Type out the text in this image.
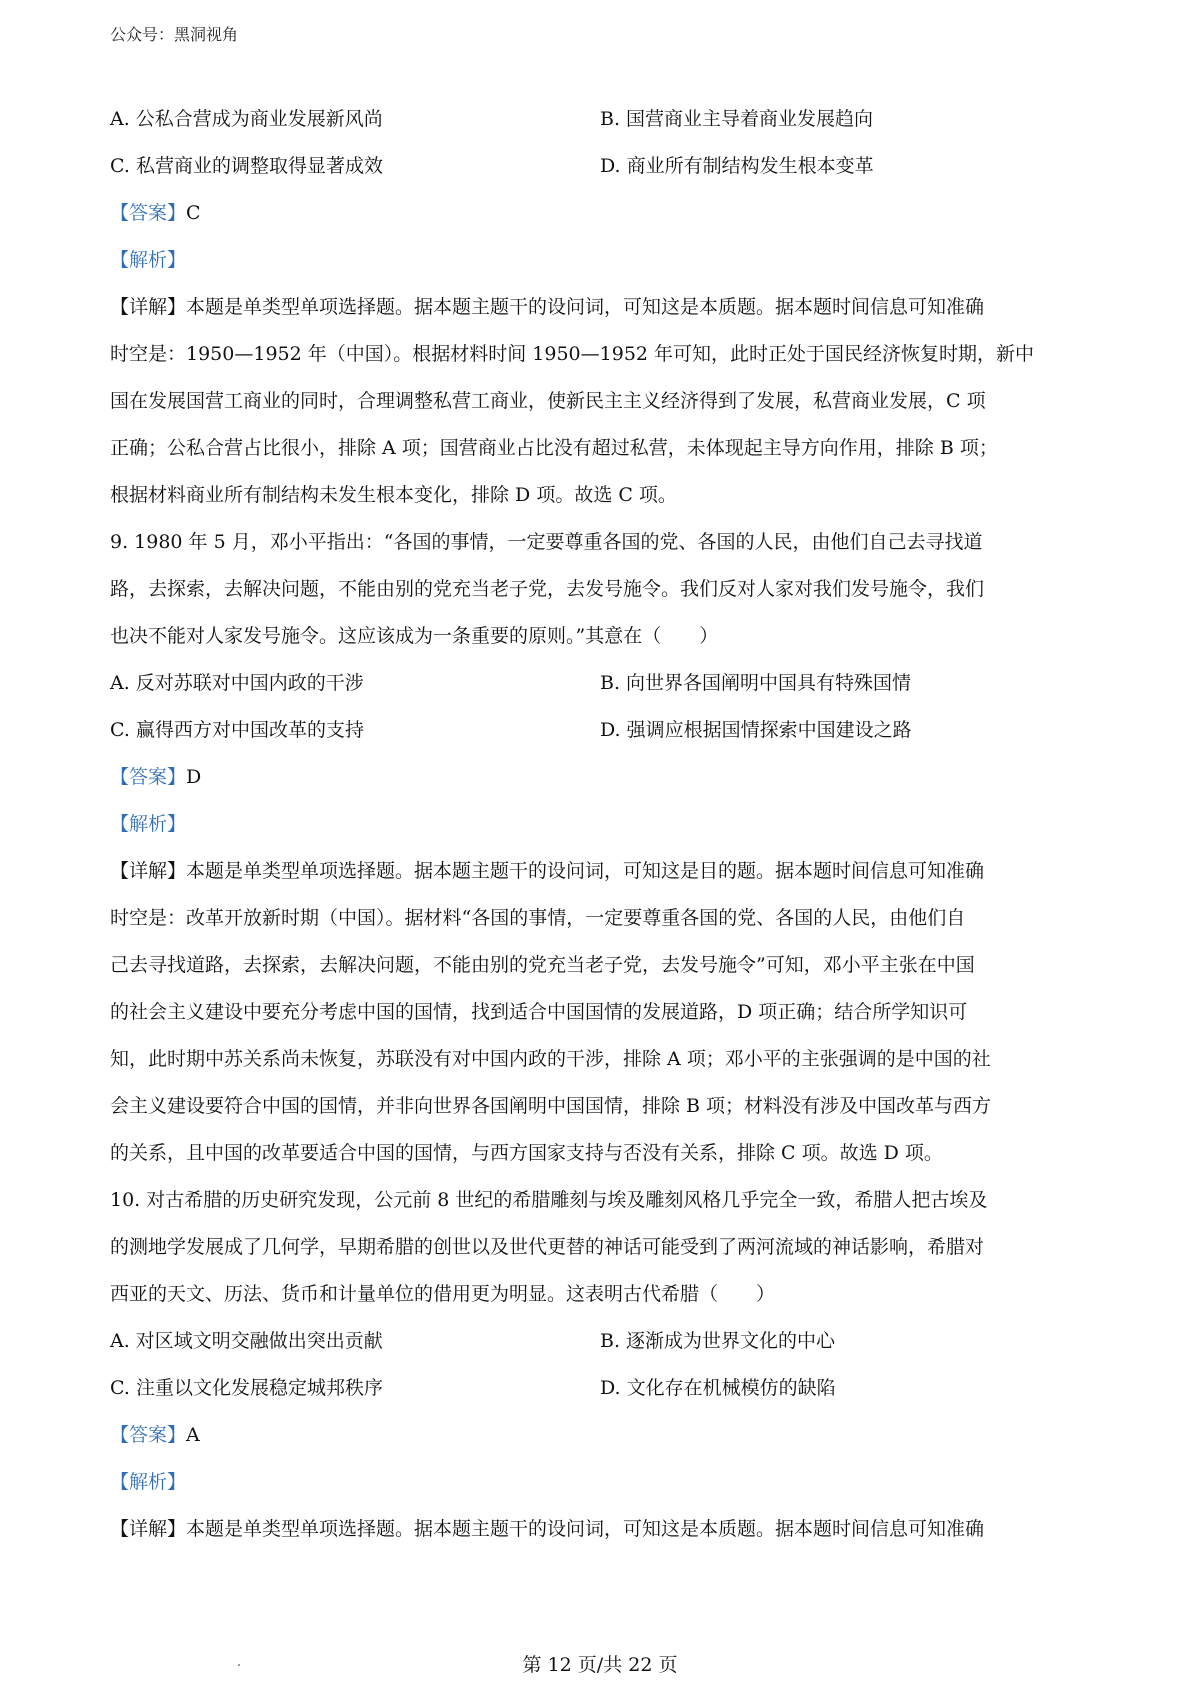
公众号：黑洞视角
A. 公私合营成为商业发展新风尚	B. 国营商业主导着商业发展趋向
C. 私营商业的调整取得显著成效	D. 商业所有制结构发生根本变革
【答案】C
【解析】
【详解】本题是单类型单项选择题。据本题主题干的设问词，可知这是本质题。据本题时间信息可知准确
时空是：1950—1952 年（中国）。根据材料时间 1950—1952 年可知，此时正处于国民经济恢复时期，新中
国在发展国营工商业的同时，合理调整私营工商业，使新民主主义经济得到了发展，私营商业发展，C 项
正确；公私合营占比很小，排除 A 项；国营商业占比没有超过私营，未体现起主导方向作用，排除 B 项；
根据材料商业所有制结构未发生根本变化，排除 D 项。故选 C 项。
9. 1980 年 5 月，邓小平指出：“各国的事情，一定要尊重各国的党、各国的人民，由他们自己去寻找道
路，去探索，去解决问题，不能由别的党充当老子党，去发号施令。我们反对人家对我们发号施令，我们
也决不能对人家发号施令。这应该成为一条重要的原则。”其意在（　　）
A. 反对苏联对中国内政的干涉	B. 向世界各国阐明中国具有特殊国情
C. 赢得西方对中国改革的支持	D. 强调应根据国情探索中国建设之路
【答案】D
【解析】
【详解】本题是单类型单项选择题。据本题主题干的设问词，可知这是目的题。据本题时间信息可知准确
时空是：改革开放新时期（中国）。据材料“各国的事情，一定要尊重各国的党、各国的人民，由他们自
己去寻找道路，去探索，去解决问题，不能由别的党充当老子党，去发号施令”可知，邓小平主张在中国
的社会主义建设中要充分考虑中国的国情，找到适合中国国情的发展道路，D 项正确；结合所学知识可
知，此时期中苏关系尚未恢复，苏联没有对中国内政的干涉，排除 A 项；邓小平的主张强调的是中国的社
会主义建设要符合中国的国情，并非向世界各国阐明中国国情，排除 B 项；材料没有涉及中国改革与西方
的关系，且中国的改革要适合中国的国情，与西方国家支持与否没有关系，排除 C 项。故选 D 项。
10. 对古希腊的历史研究发现，公元前 8 世纪的希腊雕刻与埃及雕刻风格几乎完全一致，希腊人把古埃及
的测地学发展成了几何学，早期希腊的创世以及世代更替的神话可能受到了两河流域的神话影响，希腊对
西亚的天文、历法、货币和计量单位的借用更为明显。这表明古代希腊（　　）
A. 对区域文明交融做出突出贡献	B. 逐渐成为世界文化的中心
C. 注重以文化发展稳定城邦秩序	D. 文化存在机械模仿的缺陷
【答案】A
【解析】
【详解】本题是单类型单项选择题。据本题主题干的设问词，可知这是本质题。据本题时间信息可知准确
第 12 页/共 22 页
